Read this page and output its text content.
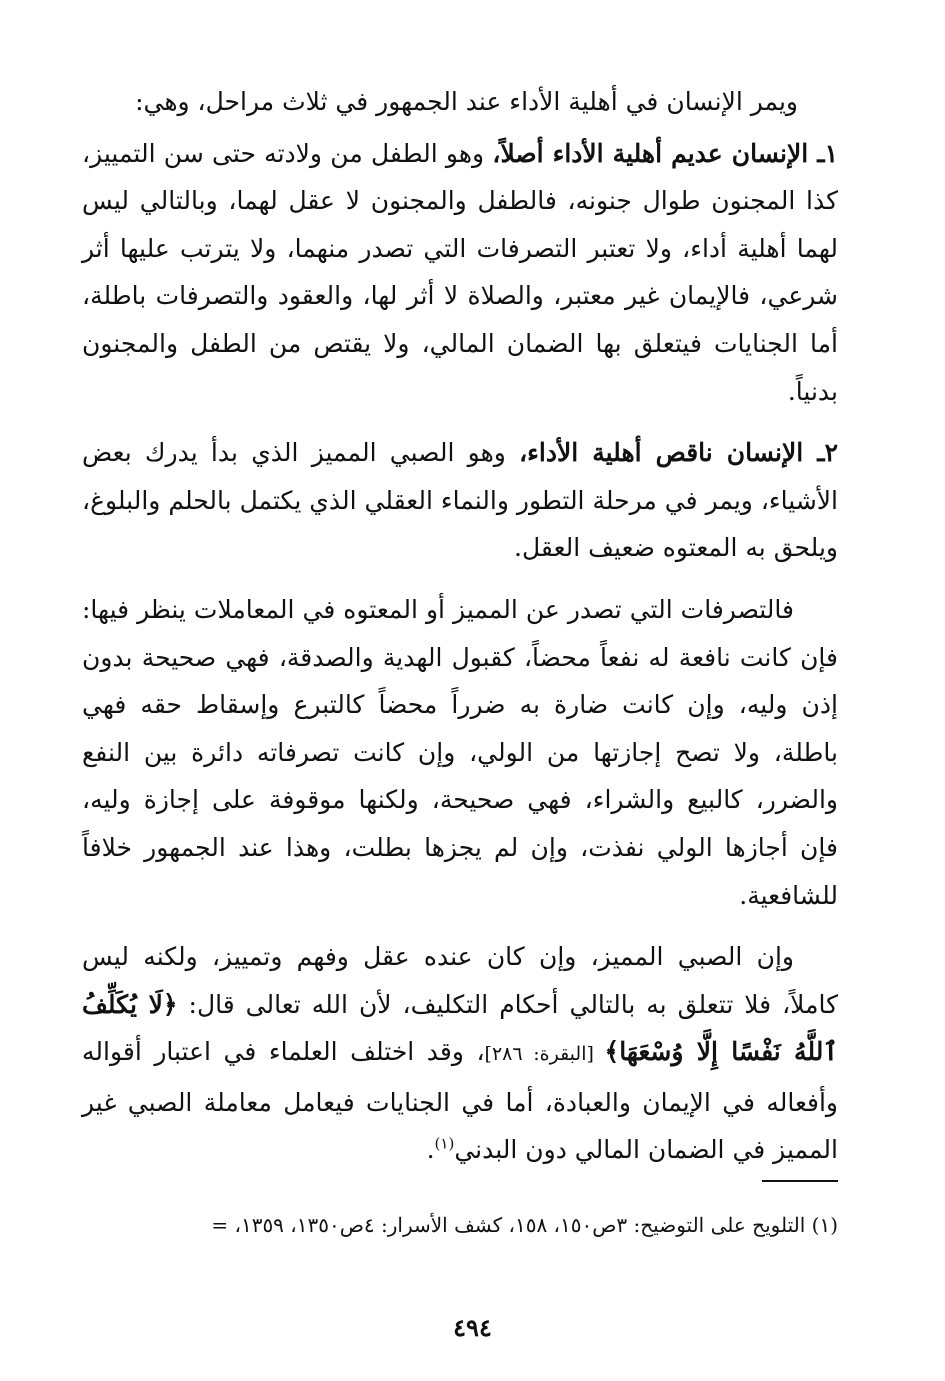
ويمر الإنسان في أهلية الأداء عند الجمهور في ثلاث مراحل، وهي:

١ـ الإنسان عديم أهلية الأداء أصلاً، وهو الطفل من ولادته حتى سن التمييز، كذا المجنون طوال جنونه، فالطفل والمجنون لا عقل لهما، وبالتالي ليس لهما أهلية أداء، ولا تعتبر التصرفات التي تصدر منهما، ولا يترتب عليها أثر شرعي، فالإيمان غير معتبر، والصلاة لا أثر لها، والعقود والتصرفات باطلة، أما الجنايات فيتعلق بها الضمان المالي، ولا يقتص من الطفل والمجنون بدنياً.

٢ـ الإنسان ناقص أهلية الأداء، وهو الصبي المميز الذي بدأ يدرك بعض الأشياء، ويمر في مرحلة التطور والنماء العقلي الذي يكتمل بالحلم والبلوغ، ويلحق به المعتوه ضعيف العقل.

فالتصرفات التي تصدر عن المميز أو المعتوه في المعاملات ينظر فيها: فإن كانت نافعة له نفعاً محضاً، كقبول الهدية والصدقة، فهي صحيحة بدون إذن وليه، وإن كانت ضارة به ضرراً محضاً كالتبرع وإسقاط حقه فهي باطلة، ولا تصح إجازتها من الولي، وإن كانت تصرفاته دائرة بين النفع والضرر، كالبيع والشراء، فهي صحيحة، ولكنها موقوفة على إجازة وليه، فإن أجازها الولي نفذت، وإن لم يجزها بطلت، وهذا عند الجمهور خلافاً للشافعية.

وإن الصبي المميز، وإن كان عنده عقل وفهم وتمييز، ولكنه ليس كاملاً، فلا تتعلق به بالتالي أحكام التكليف، لأن الله تعالى قال: ﴿لَا يُكَلِّفُ ٱللَّهُ نَفْسًا إِلَّا وُسْعَهَا﴾ [البقرة: ٢٨٦]، وقد اختلف العلماء في اعتبار أقواله وأفعاله في الإيمان والعبادة، أما في الجنايات فيعامل معاملة الصبي غير المميز في الضمان المالي دون البدني$^{(١)}$.

(١) التلويح على التوضيح: ٣ص١٥٠، ١٥٨، كشف الأسرار: ٤ص١٣٥٠، ١٣٥٩، =
٤٩٤
